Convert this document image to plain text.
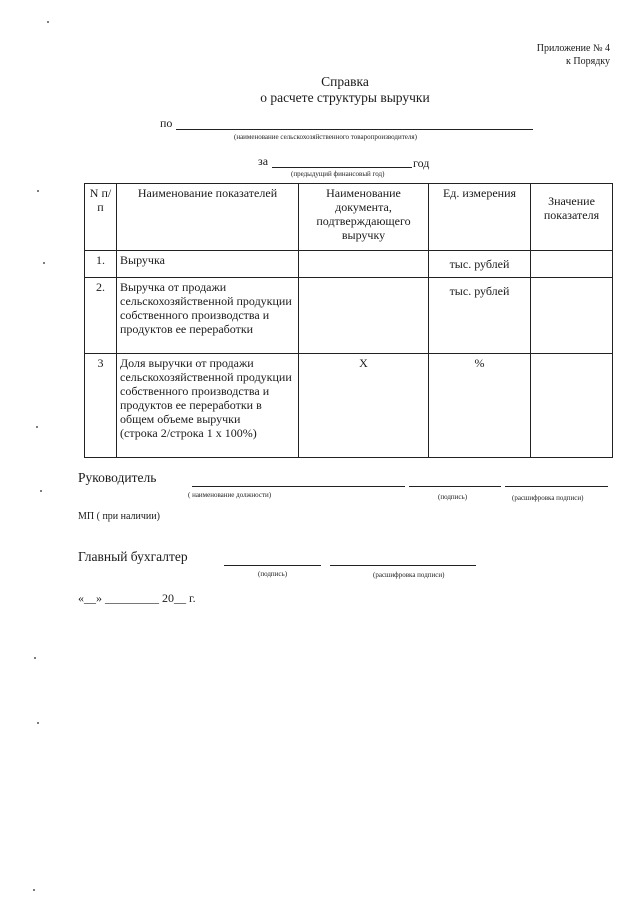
Приложение № 4
к Порядку
Справка
о расчете структуры выручки
по
(наименование сельскохозяйственного товаропроизводителя)
за	год
(предыдущий финансовый год)
N п/п	Наименование показателей	Наименование документа, подтверждающего выручку	Ед. измерения	Значение показателя
1.	Выручка		тыс. рублей	
2.	Выручка от продажи сельскохозяйственной продукции собственного производства и продуктов ее переработки		тыс. рублей	
3	Доля выручки от продажи сельскохозяйственной продукции собственного производства и продуктов ее переработки в общем объеме выручки
(строка 2/строка 1 x 100%)	X	%	
Руководитель
( наименование должности)	(подпись)	(расшифровка подписи)
МП ( при наличии)
Главный бухгалтер
(подпись)	(расшифровка подписи)
«__» _________ 20__ г.
